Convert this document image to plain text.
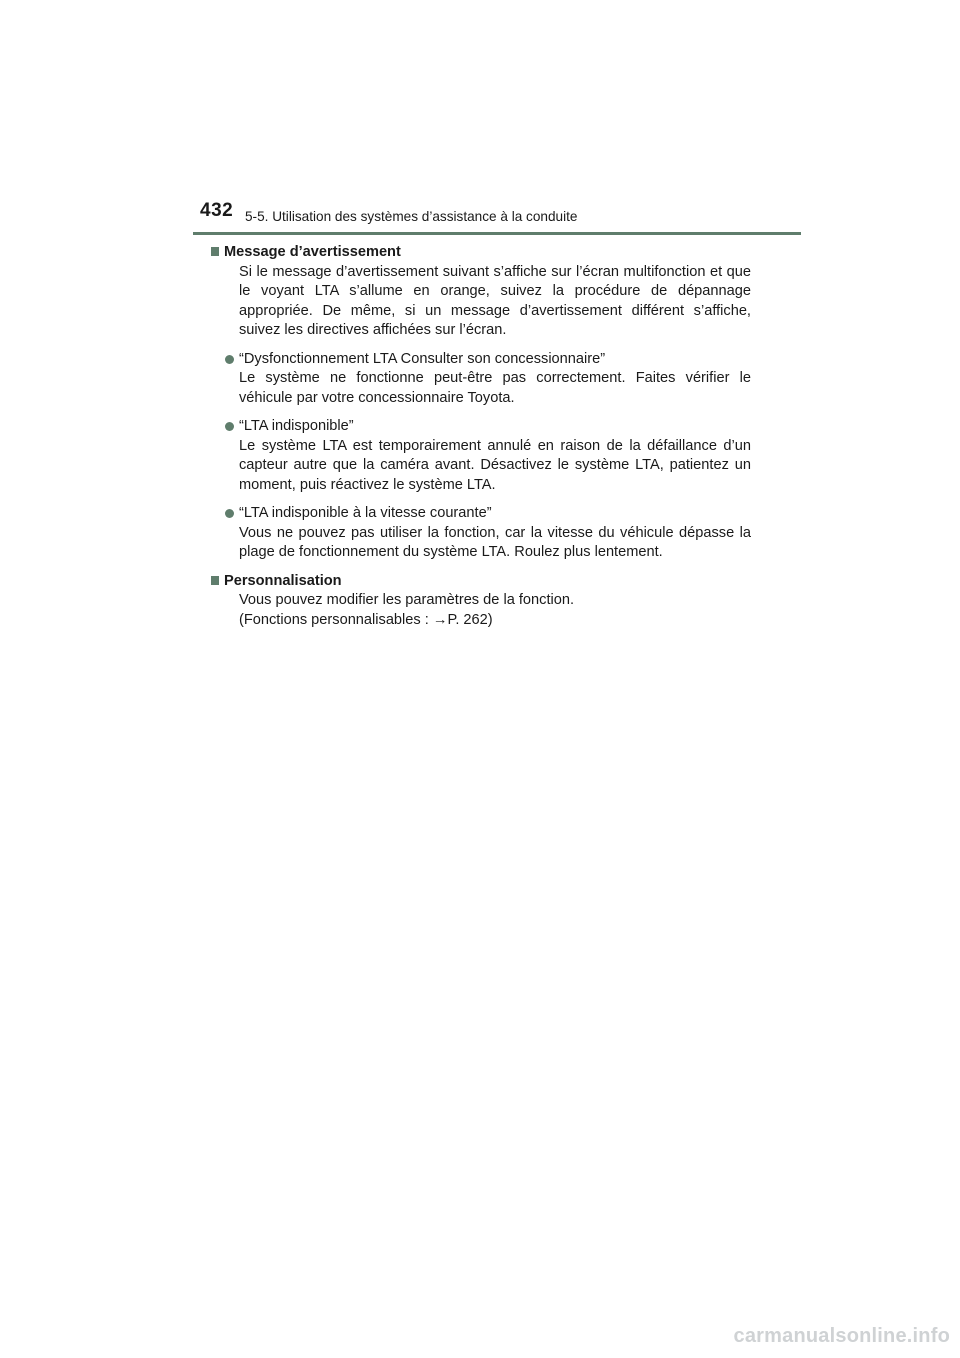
432 5-5. Utilisation des systèmes d’assistance à la conduite
Message d’avertissement
Si le message d’avertissement suivant s’affiche sur l’écran multifonction et que le voyant LTA s’allume en orange, suivez la procédure de dépannage appropriée. De même, si un message d’avertissement différent s’affiche, suivez les directives affichées sur l’écran.
“Dysfonctionnement LTA Consulter son concessionnaire”
Le système ne fonctionne peut-être pas correctement. Faites vérifier le véhicule par votre concessionnaire Toyota.
“LTA indisponible”
Le système LTA est temporairement annulé en raison de la défaillance d’un capteur autre que la caméra avant. Désactivez le système LTA, patientez un moment, puis réactivez le système LTA.
“LTA indisponible à la vitesse courante”
Vous ne pouvez pas utiliser la fonction, car la vitesse du véhicule dépasse la plage de fonctionnement du système LTA. Roulez plus lentement.
Personnalisation
Vous pouvez modifier les paramètres de la fonction.
(Fonctions personnalisables : →P. 262)
carmanualsonline.info
